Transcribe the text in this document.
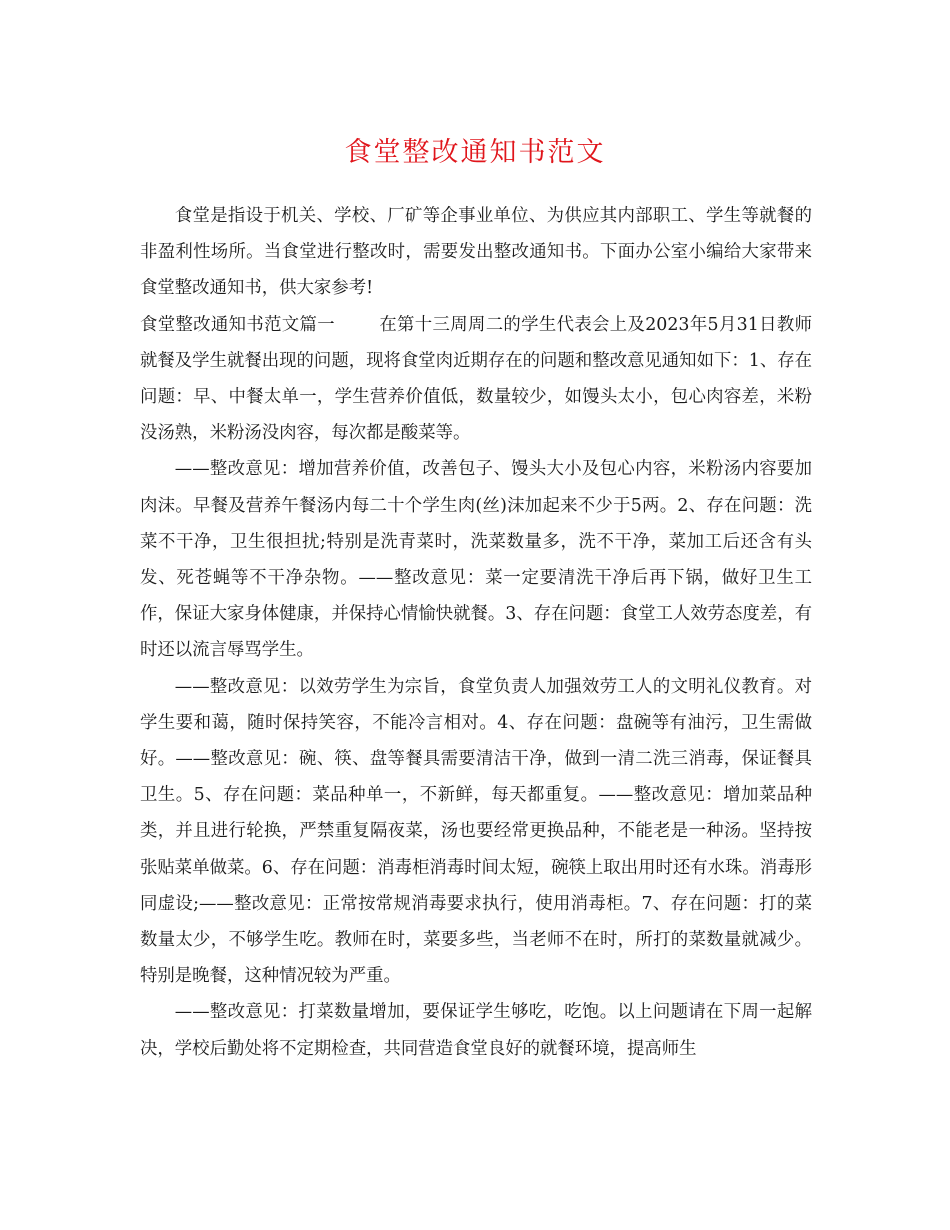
食堂整改通知书范文

食堂是指设于机关、学校、厂矿等企事业单位、为供应其内部职工、学生等就餐的非盈利性场所。当食堂进行整改时，需要发出整改通知书。下面办公室小编给大家带来食堂整改通知书，供大家参考!

食堂整改通知书范文篇一	在第十三周周二的学生代表会上及2023年5月31日教师就餐及学生就餐出现的问题，现将食堂肉近期存在的问题和整改意见通知如下：1、存在问题：早、中餐太单一，学生营养价值低，数量较少，如馒头太小，包心肉容差，米粉没汤熟，米粉汤没肉容，每次都是酸菜等。

——整改意见：增加营养价值，改善包子、馒头大小及包心内容，米粉汤内容要加肉沫。早餐及营养午餐汤内每二十个学生肉(丝)沫加起来不少于5两。2、存在问题：洗菜不干净，卫生很担扰;特别是洗青菜时，洗菜数量多，洗不干净，菜加工后还含有头发、死苍蝇等不干净杂物。——整改意见：菜一定要清洗干净后再下锅，做好卫生工作，保证大家身体健康，并保持心情愉快就餐。3、存在问题：食堂工人效劳态度差，有时还以流言辱骂学生。

——整改意见：以效劳学生为宗旨，食堂负责人加强效劳工人的文明礼仪教育。对学生要和蔼，随时保持笑容，不能冷言相对。4、存在问题：盘碗等有油污，卫生需做好。——整改意见：碗、筷、盘等餐具需要清洁干净，做到一清二洗三消毒，保证餐具卫生。5、存在问题：菜品种单一，不新鲜，每天都重复。——整改意见：增加菜品种类，并且进行轮换，严禁重复隔夜菜，汤也要经常更换品种，不能老是一种汤。坚持按张贴菜单做菜。6、存在问题：消毒柜消毒时间太短，碗筷上取出用时还有水珠。消毒形同虚设;——整改意见：正常按常规消毒要求执行，使用消毒柜。7、存在问题：打的菜数量太少，不够学生吃。教师在时，菜要多些，当老师不在时，所打的菜数量就减少。特别是晚餐，这种情况较为严重。

——整改意见：打菜数量增加，要保证学生够吃，吃饱。以上问题请在下周一起解决，学校后勤处将不定期检查，共同营造食堂良好的就餐环境，提高师生
